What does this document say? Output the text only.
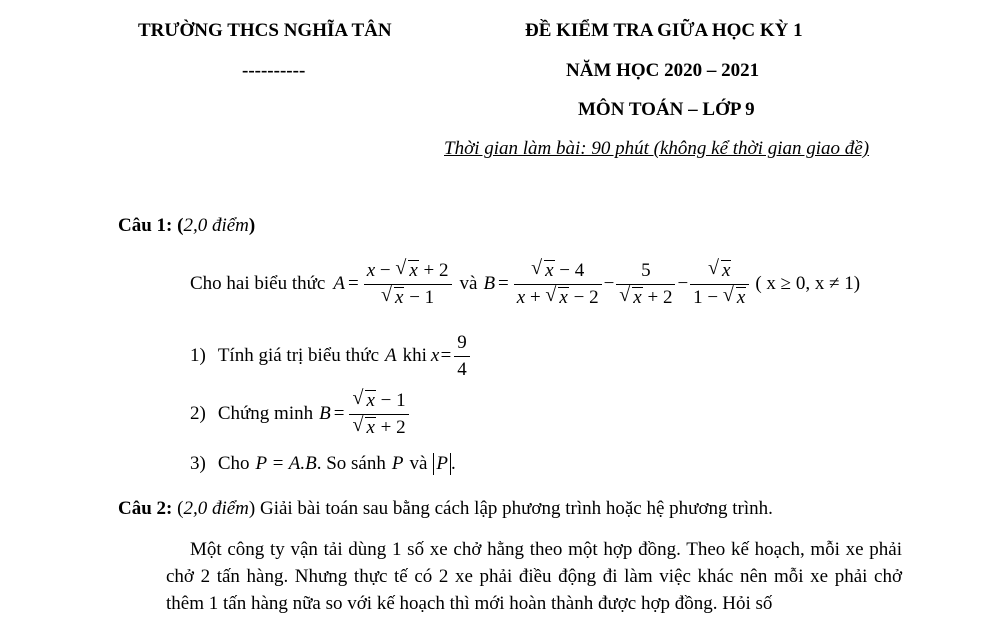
TRƯỜNG THCS NGHĨA TÂN
----------
ĐỀ KIỂM TRA GIỮA HỌC KỲ 1
NĂM HỌC 2020 – 2021
MÔN TOÁN – LỚP 9
Thời gian làm bài: 90 phút (không kể thời gian giao đề)
Câu 1: (2,0 điểm)
Cho hai biểu thức A = x − √ x + 2
√ x − 1 và B = √ $\frac{x - 4}{x + √ x - 2} - 5$
√ x + 2 − √ $\frac{x}{1 - √ x}$ ( x ≥ 0, x ≠ 1)
1) Tính giá trị biểu thức A khi $x= \frac{9}{4}$
2) Chứng minh B = √ x − 1
√ x + 2
3) Cho P = A.B . So sánh P và P .
Câu 2: (2,0 điểm) Giải bài toán sau bằng cách lập phương trình hoặc hệ phương trình.
Một công ty vận tải dùng 1 số xe chở hằng theo một hợp đồng. Theo kế hoạch, mỗi xe phải chở 2 tấn hàng. Nhưng thực tế có 2 xe phải điều động đi làm việc khác nên mỗi xe phải chở thêm 1 tấn hàng nữa so với kế hoạch thì mới hoàn thành được hợp đồng. Hỏi số
